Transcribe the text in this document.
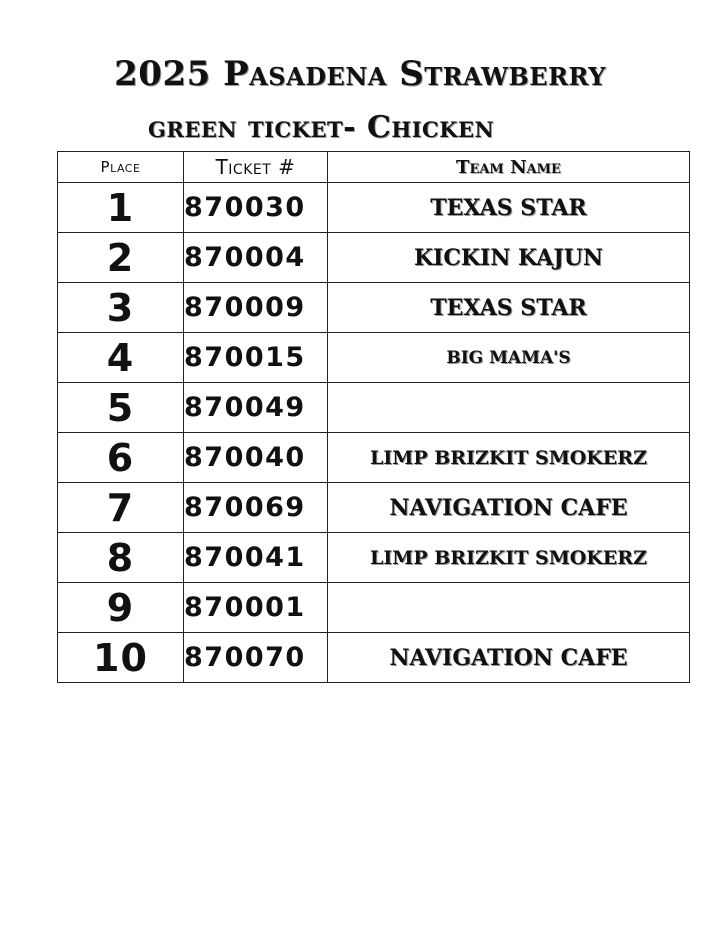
2025 Pasadena Strawberry
green ticket- Chicken
Place	Ticket #	Team Name
1	870030	TEXAS STAR
2	870004	KICKIN KAJUN
3	870009	TEXAS STAR
4	870015	BIG MAMA'S
5	870049	
6	870040	LIMP BRIZKIT SMOKERZ
7	870069	NAVIGATION CAFE
8	870041	LIMP BRIZKIT SMOKERZ
9	870001	
10	870070	NAVIGATION CAFE
